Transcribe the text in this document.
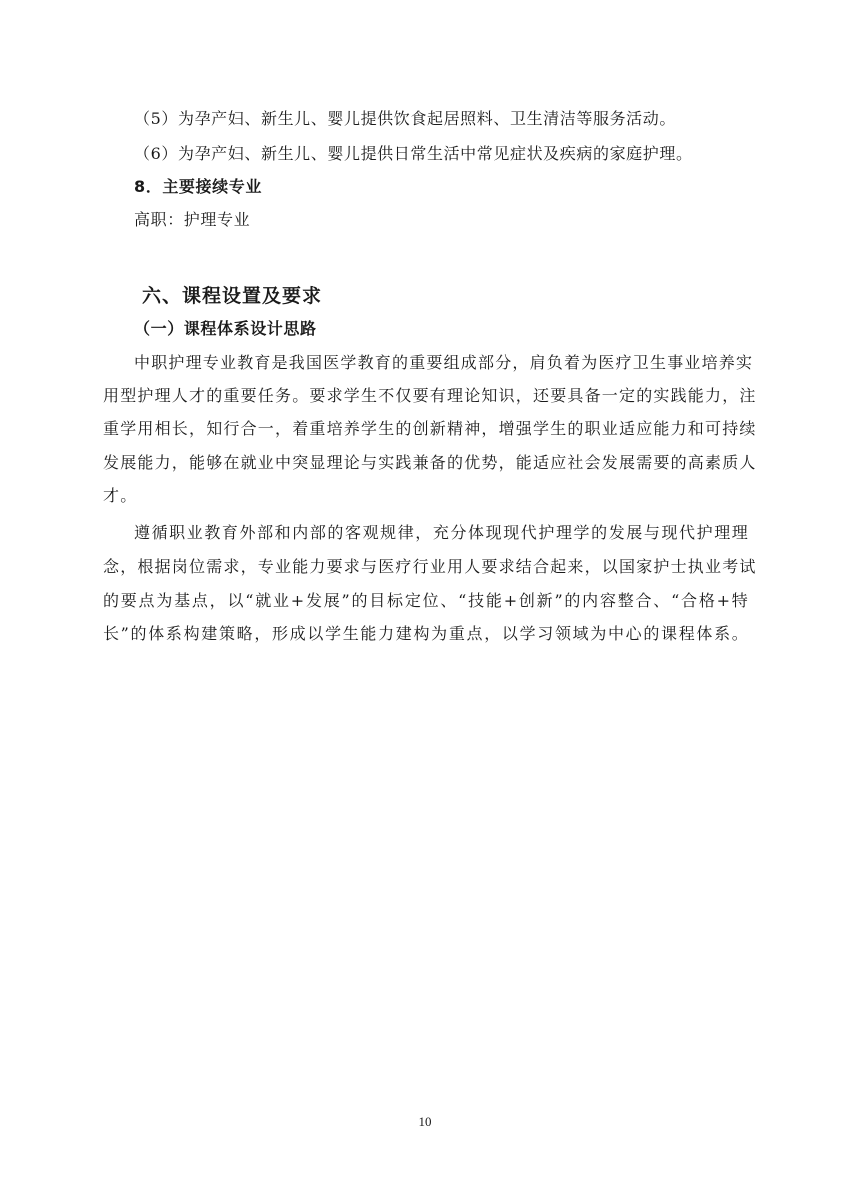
（5）为孕产妇、新生儿、婴儿提供饮食起居照料、卫生清洁等服务活动。
（6）为孕产妇、新生儿、婴儿提供日常生活中常见症状及疾病的家庭护理。
8．主要接续专业
高职：护理专业
六、课程设置及要求
（一）课程体系设计思路
中职护理专业教育是我国医学教育的重要组成部分，肩负着为医疗卫生事业培养实
用型护理人才的重要任务。要求学生不仅要有理论知识，还要具备一定的实践能力，注
重学用相长，知行合一，着重培养学生的创新精神，增强学生的职业适应能力和可持续
发展能力，能够在就业中突显理论与实践兼备的优势，能适应社会发展需要的高素质人
才。
遵循职业教育外部和内部的客观规律，充分体现现代护理学的发展与现代护理理
念，根据岗位需求，专业能力要求与医疗行业用人要求结合起来，以国家护士执业考试
的要点为基点，以“就业+发展”的目标定位、“技能+创新”的内容整合、“合格+特
长”的体系构建策略，形成以学生能力建构为重点，以学习领域为中心的课程体系。
10
